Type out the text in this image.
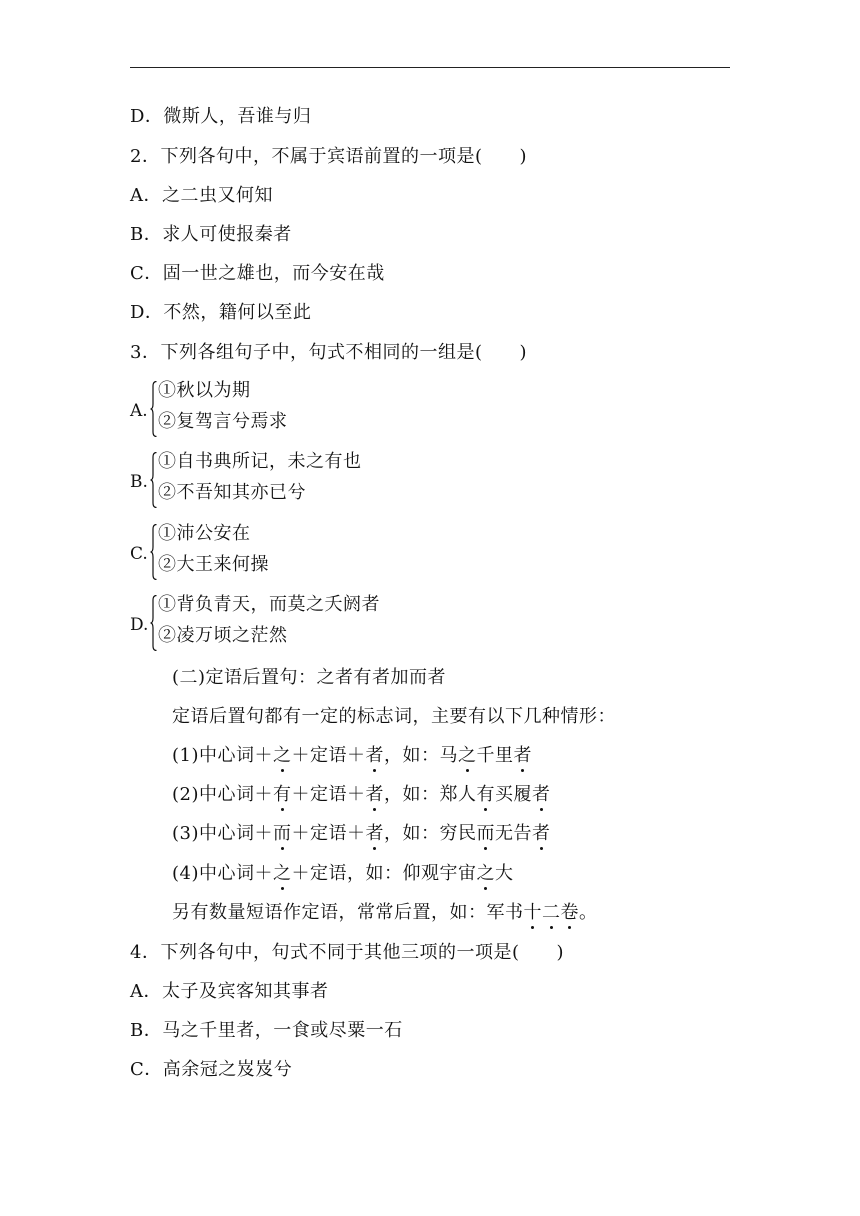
D．微斯人，吾谁与归
2．下列各句中，不属于宾语前置的一项是(　　)
A．之二虫又何知
B．求人可使报秦者
C．固一世之雄也，而今安在哉
D．不然，籍何以至此
3．下列各组句子中，句式不相同的一组是(　　)
A.
①秋以为期
②复驾言兮焉求
B.
①自书典所记，未之有也
②不吾知其亦已兮
C.
①沛公安在
②大王来何操
D.
①背负青天，而莫之夭阏者
②凌万顷之茫然
(二)定语后置句：之者有者加而者
定语后置句都有一定的标志词，主要有以下几种情形：
(1)中心词＋之＋定语＋者，如：马之千里者
(2)中心词＋有＋定语＋者，如：郑人有买履者
(3)中心词＋而＋定语＋者，如：穷民而无告者
(4)中心词＋之＋定语，如：仰观宇宙之大
另有数量短语作定语，常常后置，如：军书十二卷。
4．下列各句中，句式不同于其他三项的一项是(　　)
A．太子及宾客知其事者
B．马之千里者，一食或尽粟一石
C．高余冠之岌岌兮
